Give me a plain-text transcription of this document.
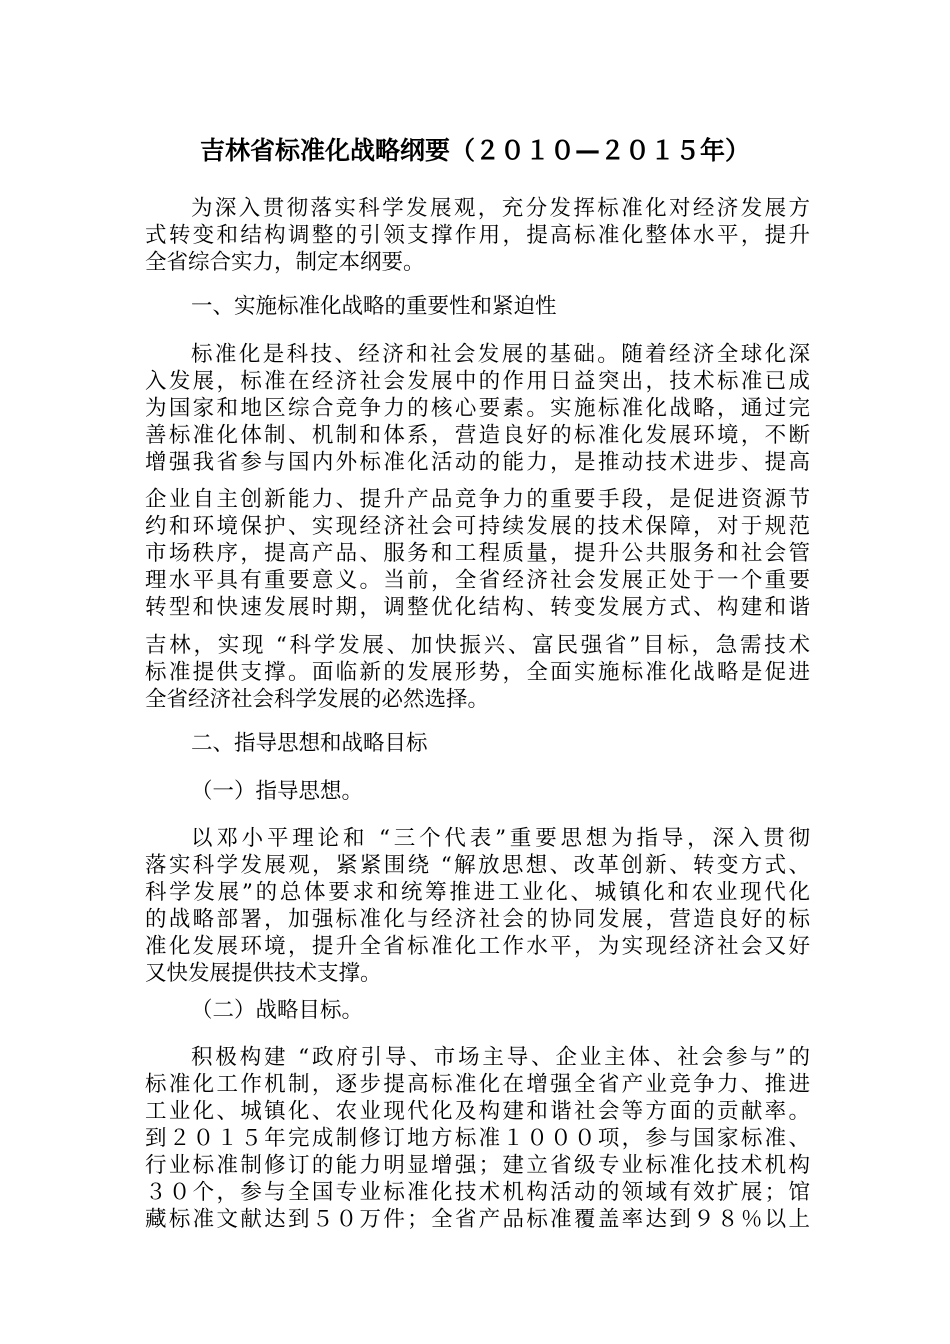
吉林省标准化战略纲要（２０１０—２０１５年）
为深入贯彻落实科学发展观，充分发挥标准化对经济发展方
式转变和结构调整的引领支撑作用，提高标准化整体水平，提升
全省综合实力，制定本纲要。
一、实施标准化战略的重要性和紧迫性
标准化是科技、经济和社会发展的基础。随着经济全球化深
入发展，标准在经济社会发展中的作用日益突出，技术标准已成
为国家和地区综合竞争力的核心要素。实施标准化战略，通过完
善标准化体制、机制和体系，营造良好的标准化发展环境，不断
增强我省参与国内外标准化活动的能力，是推动技术进步、提高
企业自主创新能力、提升产品竞争力的重要手段，是促进资源节
约和环境保护、实现经济社会可持续发展的技术保障，对于规范
市场秩序，提高产品、服务和工程质量，提升公共服务和社会管
理水平具有重要意义。当前，全省经济社会发展正处于一个重要
转型和快速发展时期，调整优化结构、转变发展方式、构建和谐
吉林，实现 “科学发展、加快振兴、富民强省”目标，急需技术
标准提供支撑。面临新的发展形势，全面实施标准化战略是促进
全省经济社会科学发展的必然选择。
二、指导思想和战略目标
（一）指导思想。
以邓小平理论和 “三个代表”重要思想为指导，深入贯彻
落实科学发展观，紧紧围绕 “解放思想、改革创新、转变方式、
科学发展”的总体要求和统筹推进工业化、城镇化和农业现代化
的战略部署，加强标准化与经济社会的协同发展，营造良好的标
准化发展环境，提升全省标准化工作水平，为实现经济社会又好
又快发展提供技术支撑。
（二）战略目标。
积极构建 “政府引导、市场主导、企业主体、社会参与”的
标准化工作机制，逐步提高标准化在增强全省产业竞争力、推进
工业化、城镇化、农业现代化及构建和谐社会等方面的贡献率。
到２０１５年完成制修订地方标准１０００项，参与国家标准、
行业标准制修订的能力明显增强；建立省级专业标准化技术机构
３０个，参与全国专业标准化技术机构活动的领域有效扩展；馆
藏标准文献达到５０万件；全省产品标准覆盖率达到９８％以上
